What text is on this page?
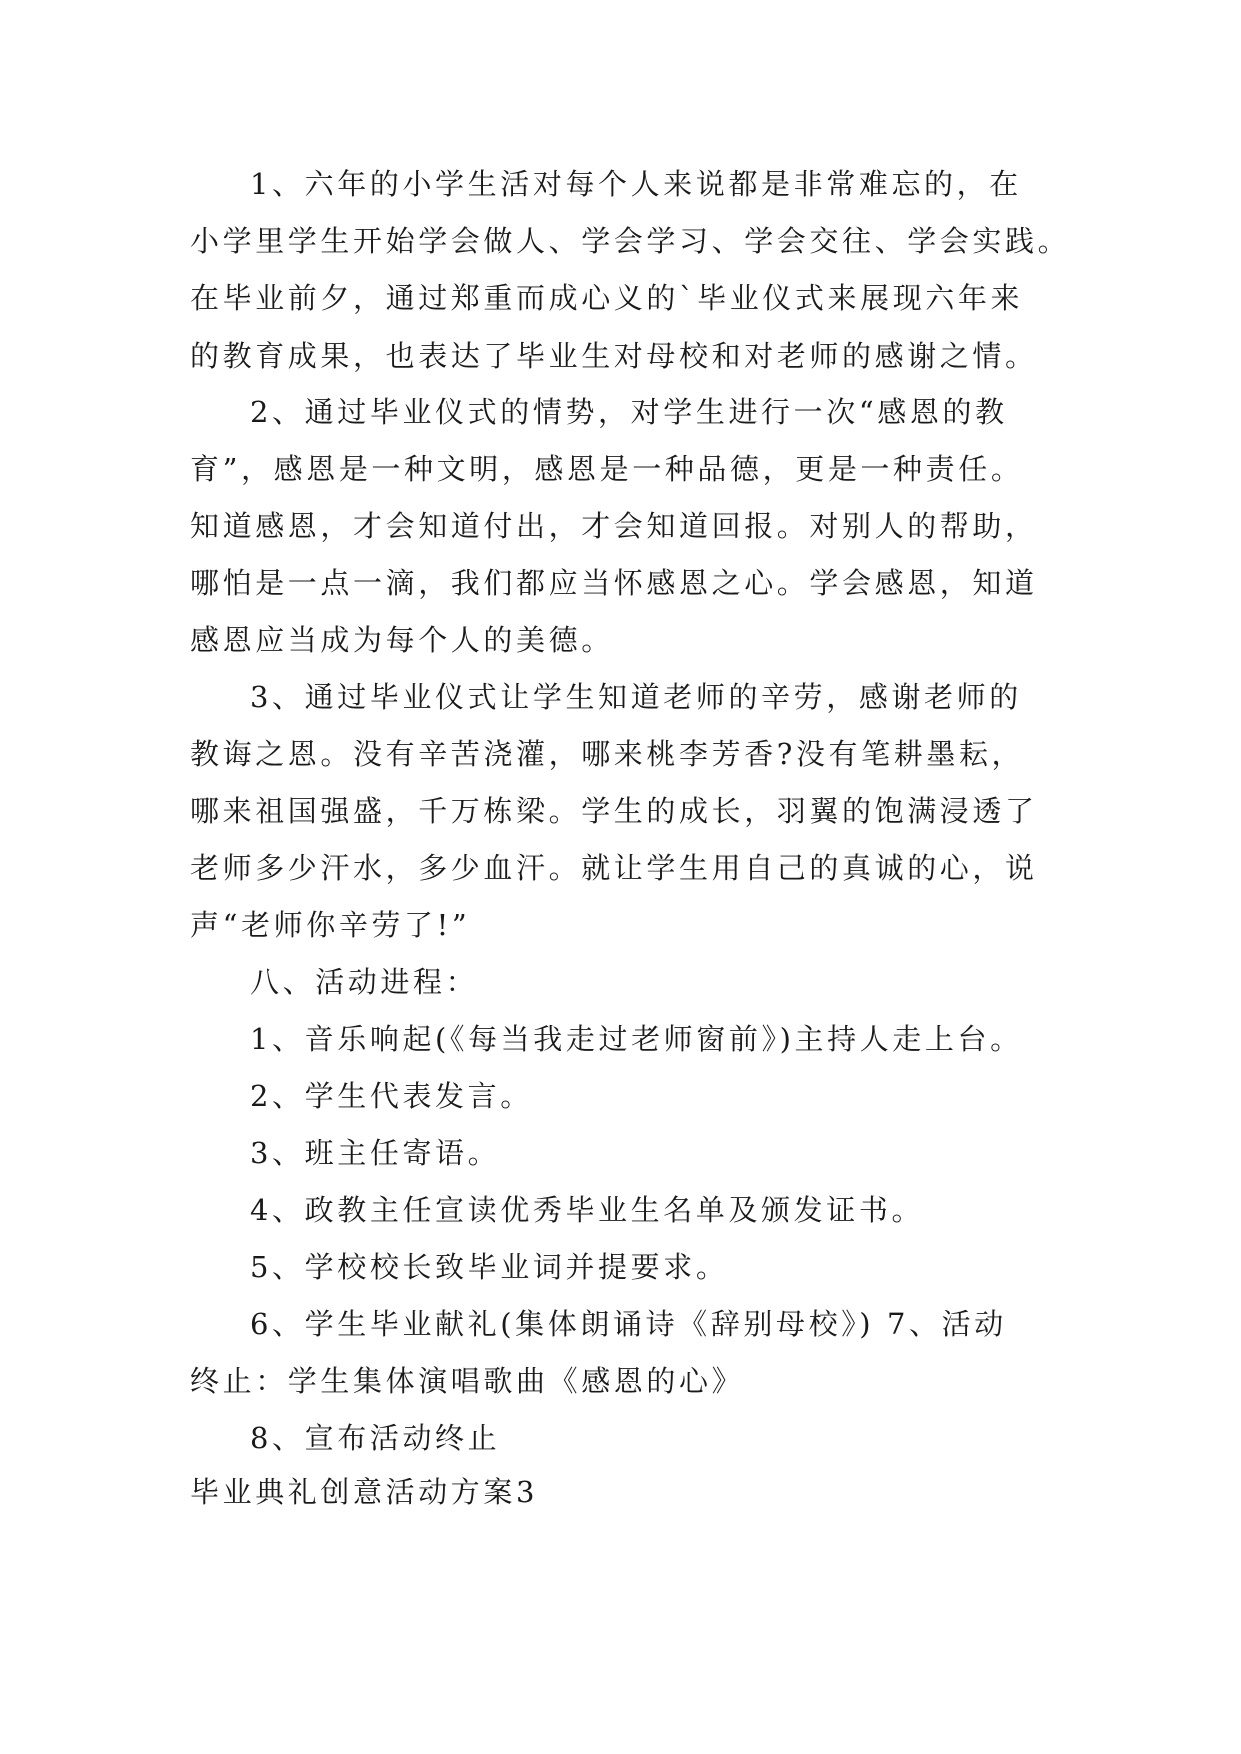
1、六年的小学生活对每个人来说都是非常难忘的，在
小学里学生开始学会做人、学会学习、学会交往、学会实践。
在毕业前夕，通过郑重而成心义的`毕业仪式来展现六年来
的教育成果，也表达了毕业生对母校和对老师的感谢之情。
2、通过毕业仪式的情势，对学生进行一次“感恩的教
育”，感恩是一种文明，感恩是一种品德，更是一种责任。
知道感恩，才会知道付出，才会知道回报。对别人的帮助，
哪怕是一点一滴，我们都应当怀感恩之心。学会感恩，知道
感恩应当成为每个人的美德。
3、通过毕业仪式让学生知道老师的辛劳，感谢老师的
教诲之恩。没有辛苦浇灌，哪来桃李芳香?没有笔耕墨耘，
哪来祖国强盛，千万栋梁。学生的成长，羽翼的饱满浸透了
老师多少汗水，多少血汗。就让学生用自己的真诚的心，说
声“老师你辛劳了!”
八、活动进程：
1、音乐响起(《每当我走过老师窗前》)主持人走上台。
2、学生代表发言。
3、班主任寄语。
4、政教主任宣读优秀毕业生名单及颁发证书。
5、学校校长致毕业词并提要求。
6、学生毕业献礼(集体朗诵诗《辞别母校》) 7、活动
终止：学生集体演唱歌曲《感恩的心》
8、宣布活动终止
毕业典礼创意活动方案3
